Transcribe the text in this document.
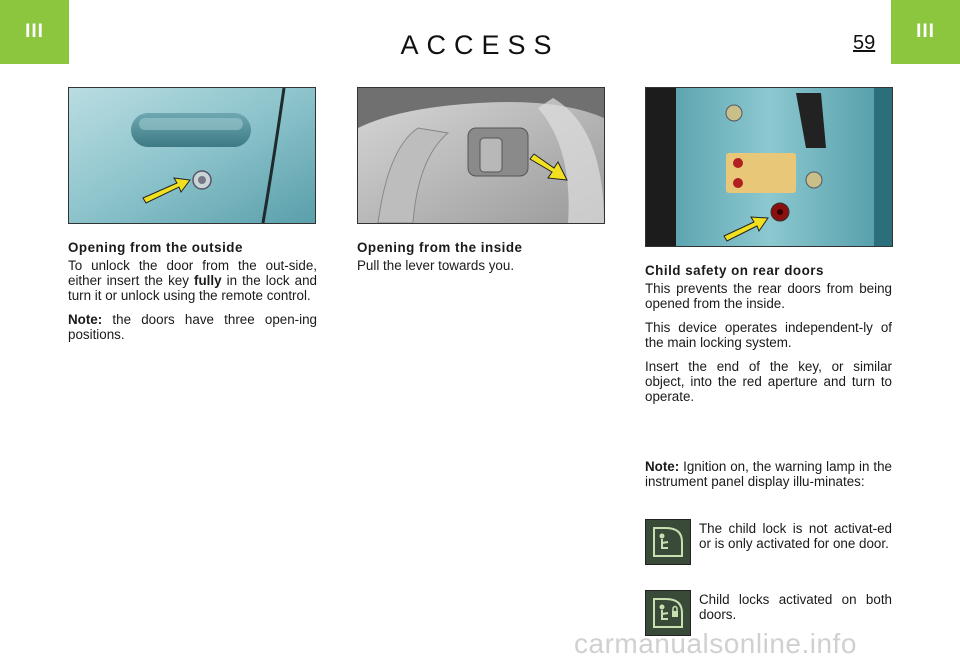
III	ACCESS	59
III
Opening from the outside

To unlock the door from the out-side, either insert the key fully in the lock and turn it or unlock using the remote control.

Note: the doors have three open-ing positions.

Opening from the inside

Pull the lever towards you.	Child safety on rear doors

This prevents the rear doors from being opened from the inside.

This device operates independent-ly of the main locking system.

Insert the end of the key, or similar object, into the red aperture and turn to operate.

Note: Ignition on, the warning lamp in the instrument panel display illu-minates:
The child lock is not activat-ed or is only activated for one door.
Child locks activated on both doors.
carmanualsonline.info
